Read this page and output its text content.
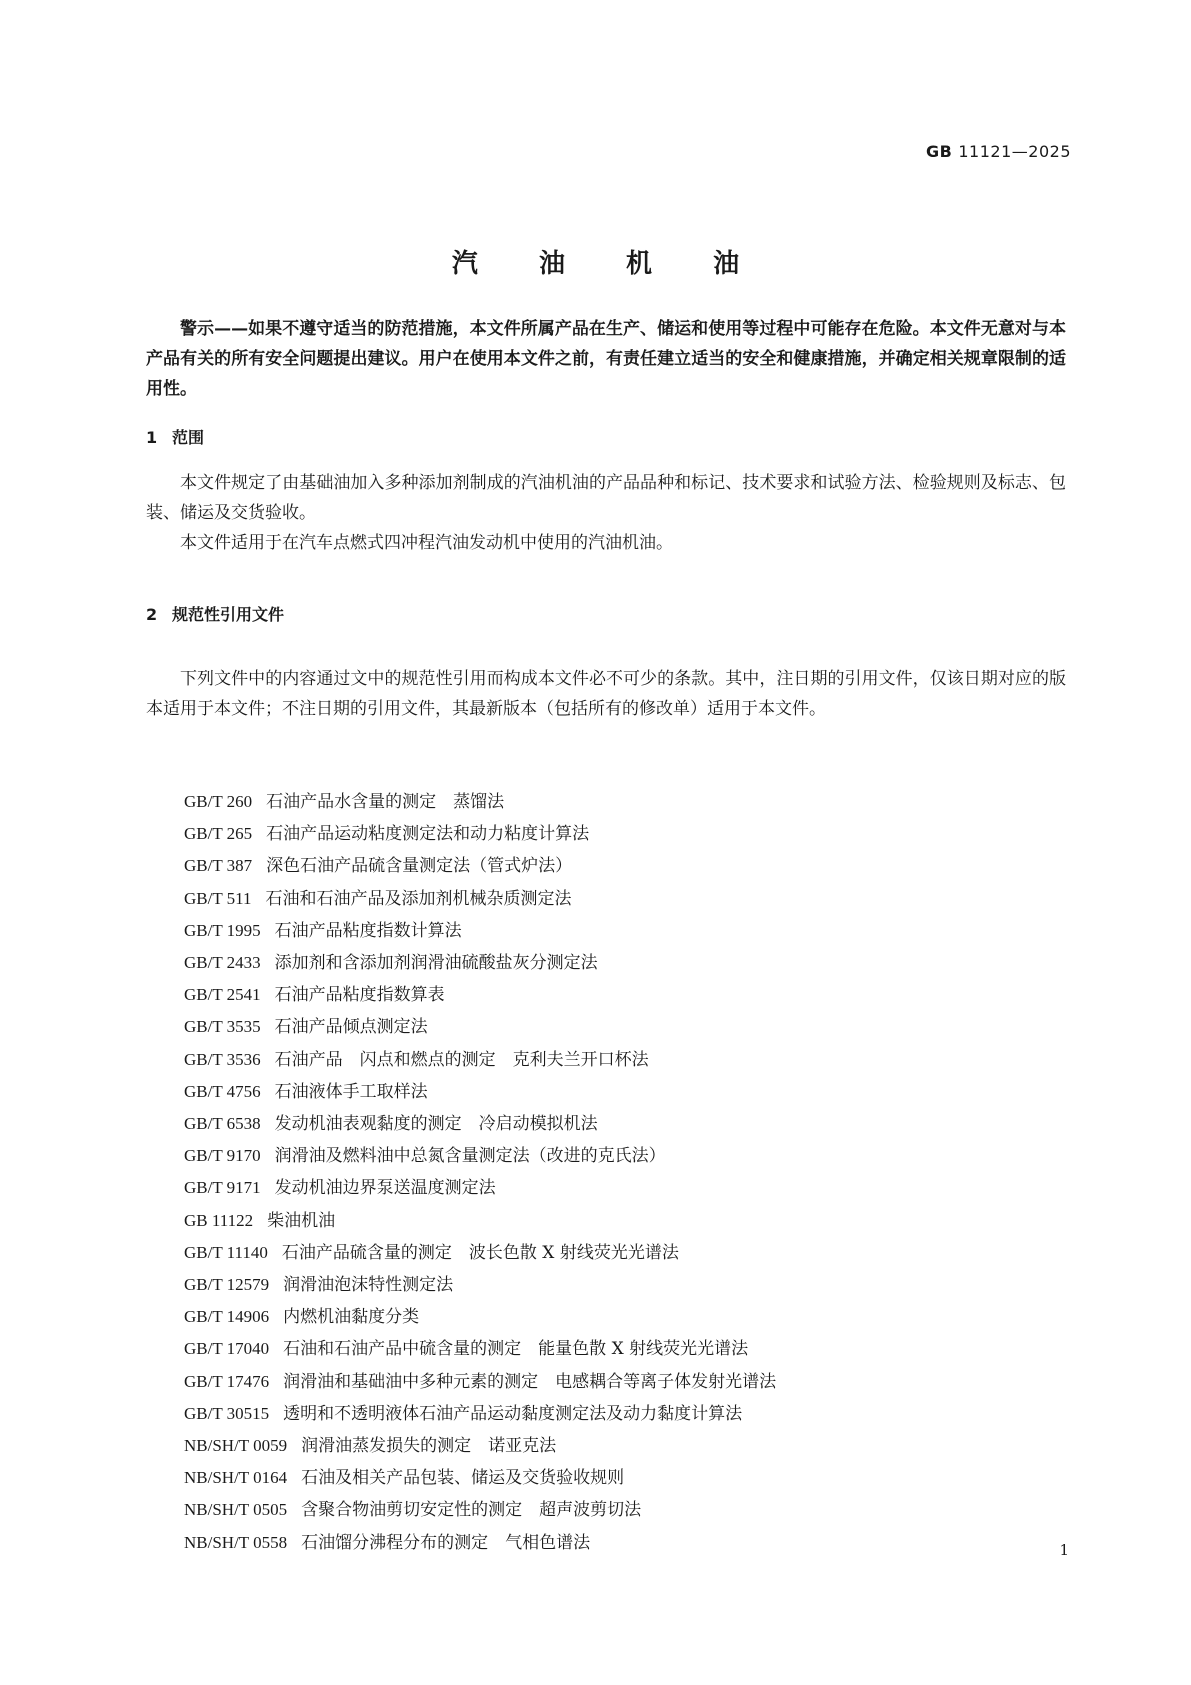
GB 11121—2025
汽 油 机 油
警示——如果不遵守适当的防范措施，本文件所属产品在生产、储运和使用等过程中可能存在危险。本文件无意对与本产品有关的所有安全问题提出建议。用户在使用本文件之前，有责任建立适当的安全和健康措施，并确定相关规章限制的适用性。
1 范围

本文件规定了由基础油加入多种添加剂制成的汽油机油的产品品种和标记、技术要求和试验方法、检验规则及标志、包装、储运及交货验收。

本文件适用于在汽车点燃式四冲程汽油发动机中使用的汽油机油。

2 规范性引用文件

下列文件中的内容通过文中的规范性引用而构成本文件必不可少的条款。其中，注日期的引用文件，仅该日期对应的版本适用于本文件；不注日期的引用文件，其最新版本（包括所有的修改单）适用于本文件。

GB/T 260 石油产品水含量的测定　蒸馏法
GB/T 265 石油产品运动粘度测定法和动力粘度计算法
GB/T 387 深色石油产品硫含量测定法（管式炉法）
GB/T 511 石油和石油产品及添加剂机械杂质测定法
GB/T 1995 石油产品粘度指数计算法
GB/T 2433 添加剂和含添加剂润滑油硫酸盐灰分测定法
GB/T 2541 石油产品粘度指数算表
GB/T 3535 石油产品倾点测定法
GB/T 3536 石油产品　闪点和燃点的测定　克利夫兰开口杯法
GB/T 4756 石油液体手工取样法
GB/T 6538 发动机油表观黏度的测定　冷启动模拟机法
GB/T 9170 润滑油及燃料油中总氮含量测定法（改进的克氏法）
GB/T 9171 发动机油边界泵送温度测定法
GB 11122 柴油机油
GB/T 11140 石油产品硫含量的测定　波长色散 X 射线荧光光谱法
GB/T 12579 润滑油泡沫特性测定法
GB/T 14906 内燃机油黏度分类
GB/T 17040 石油和石油产品中硫含量的测定　能量色散 X 射线荧光光谱法
GB/T 17476 润滑油和基础油中多种元素的测定　电感耦合等离子体发射光谱法
GB/T 30515 透明和不透明液体石油产品运动黏度测定法及动力黏度计算法
NB/SH/T 0059 润滑油蒸发损失的测定　诺亚克法
NB/SH/T 0164 石油及相关产品包装、储运及交货验收规则
NB/SH/T 0505 含聚合物油剪切安定性的测定　超声波剪切法
NB/SH/T 0558 石油馏分沸程分布的测定　气相色谱法	1
